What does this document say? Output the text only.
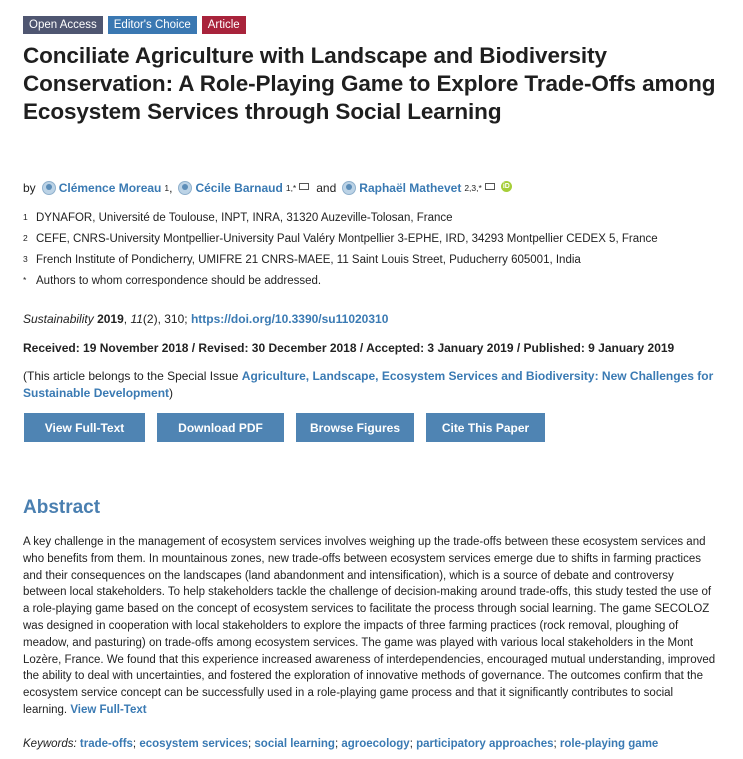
Open Access	Editor's Choice	Article
Conciliate Agriculture with Landscape and Biodiversity Conservation: A Role-Playing Game to Explore Trade-Offs among Ecosystem Services through Social Learning
by Clémence Moreau 1 , Cécile Barnaud 1,* and Raphaël Mathevet 2,3,*	iD
1 DYNAFOR, Université de Toulouse, INPT, INRA, 31320 Auzeville-Tolosan, France
2 CEFE, CNRS-University Montpellier-University Paul Valéry Montpellier 3-EPHE, IRD, 34293 Montpellier CEDEX 5, France
3 French Institute of Pondicherry, UMIFRE 21 CNRS-MAEE, 11 Saint Louis Street, Puducherry 605001, India
* Authors to whom correspondence should be addressed.
Sustainability 2019, 11(2), 310; https://doi.org/10.3390/su11020310
Received: 19 November 2018 / Revised: 30 December 2018 / Accepted: 3 January 2019 / Published: 9 January 2019
(This article belongs to the Special Issue Agriculture, Landscape, Ecosystem Services and Biodiversity: New Challenges for Sustainable Development)
View Full-Text	Download PDF	Browse Figures	Cite This Paper
Abstract

A key challenge in the management of ecosystem services involves weighing up the trade-offs between these ecosystem services and who benefits from them. In mountainous zones, new trade-offs between ecosystem services emerge due to shifts in farming practices and their consequences on the landscapes (land abandonment and intensification), which is a source of debate and controversy between local stakeholders. To help stakeholders tackle the challenge of decision-making around trade-offs, this study tested the use of a role-playing game based on the concept of ecosystem services to facilitate the process through social learning. The game SECOLOZ was designed in cooperation with local stakeholders to explore the impacts of three farming practices (rock removal, ploughing of meadow, and pasturing) on trade-offs among ecosystem services. The game was played with various local stakeholders in the Mont Lozère, France. We found that this experience increased awareness of interdependencies, encouraged mutual understanding, improved the ability to deal with uncertainties, and fostered the exploration of innovative methods of governance. The outcomes confirm that the ecosystem service concept can be successfully used in a role-playing game process and that it significantly contributes to social learning. View Full-Text

Keywords: trade-offs; ecosystem services; social learning; agroecology; participatory approaches; role-playing game
